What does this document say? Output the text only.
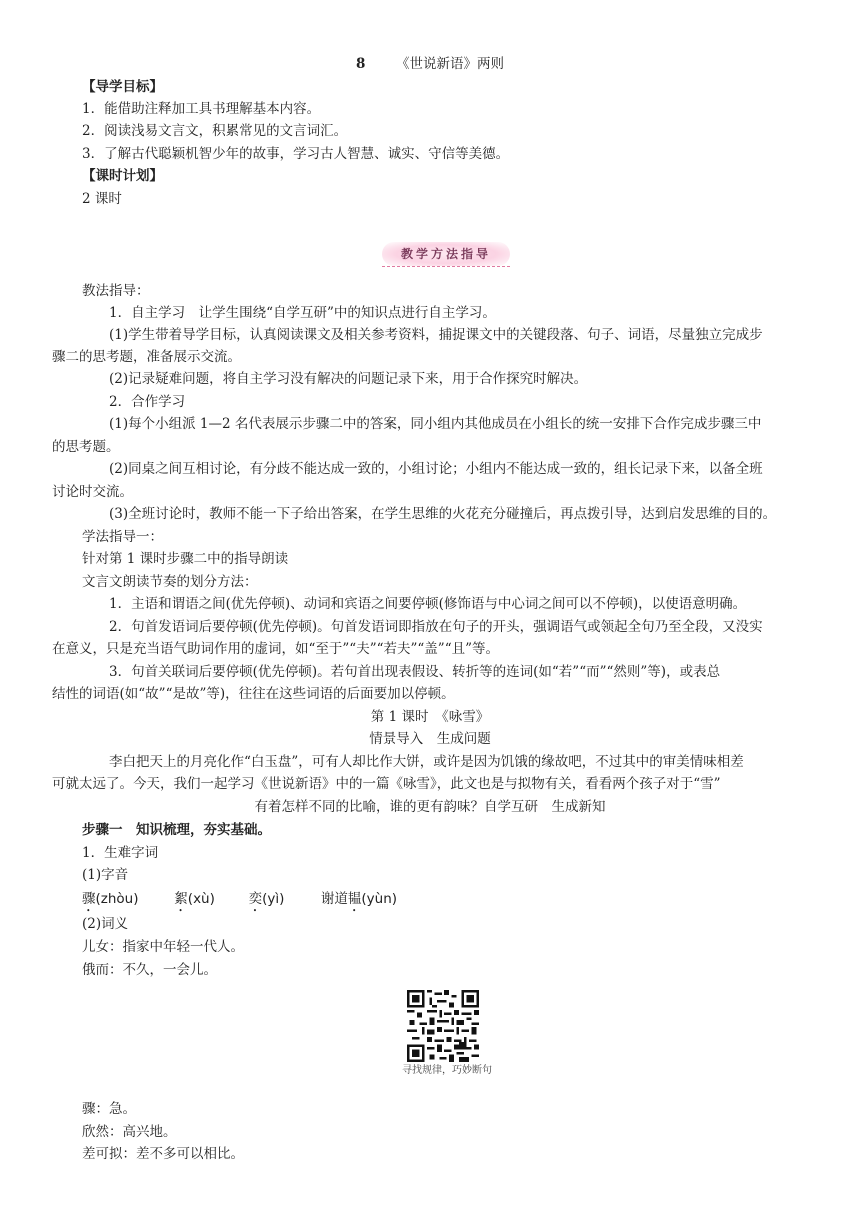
8 《世说新语》两则
【导学目标】
1．能借助注释加工具书理解基本内容。
2．阅读浅易文言文，积累常见的文言词汇。
3．了解古代聪颖机智少年的故事，学习古人智慧、诚实、守信等美德。
【课时计划】
2 课时
教学方法指导
教法指导：
1．自主学习　让学生围绕“自学互研”中的知识点进行自主学习。
(1)学生带着导学目标，认真阅读课文及相关参考资料，捕捉课文中的关键段落、句子、词语，尽量独立完成步
骤二的思考题，准备展示交流。
(2)记录疑难问题，将自主学习没有解决的问题记录下来，用于合作探究时解决。
2．合作学习
(1)每个小组派 1—2 名代表展示步骤二中的答案，同小组内其他成员在小组长的统一安排下合作完成步骤三中
的思考题。
(2)同桌之间互相讨论，有分歧不能达成一致的，小组讨论；小组内不能达成一致的，组长记录下来，以备全班
讨论时交流。
(3)全班讨论时，教师不能一下子给出答案，在学生思维的火花充分碰撞后，再点拨引导，达到启发思维的目的。
学法指导一：
针对第 1 课时步骤二中的指导朗读
文言文朗读节奏的划分方法：
1．主语和谓语之间(优先停顿)、动词和宾语之间要停顿(修饰语与中心词之间可以不停顿)，以使语意明确。
2．句首发语词后要停顿(优先停顿)。句首发语词即指放在句子的开头，强调语气或领起全句乃至全段，又没实
在意义，只是充当语气助词作用的虚词，如“至于”“夫”“若夫”“盖”“且”等。
3．句首关联词后要停顿(优先停顿)。若句首出现表假设、转折等的连词(如“若”“而”“然则”等)，或表总
结性的词语(如“故”“是故”等)，往往在这些词语的后面要加以停顿。
第 1 课时　《咏雪》
情景导入　生成问题
李白把天上的月亮化作“白玉盘”，可有人却比作大饼，或许是因为饥饿的缘故吧，不过其中的审美情味相差
可就太远了。今天，我们一起学习《世说新语》中的一篇《咏雪》，此文也是与拟物有关，看看两个孩子对于“雪”
有着怎样不同的比喻，谁的更有韵味？自学互研　生成新知
步骤一　知识梳理，夯实基础。
1．生难字词
(1)字音
骤(zhòu)	絮(xù) 奕(yì)	谢道韫(yùn)
(2)词义
儿女：指家中年轻一代人。
俄而：不久，一会儿。
寻找规律，巧妙断句
骤：急。
欣然：高兴地。
差可拟：差不多可以相比。
